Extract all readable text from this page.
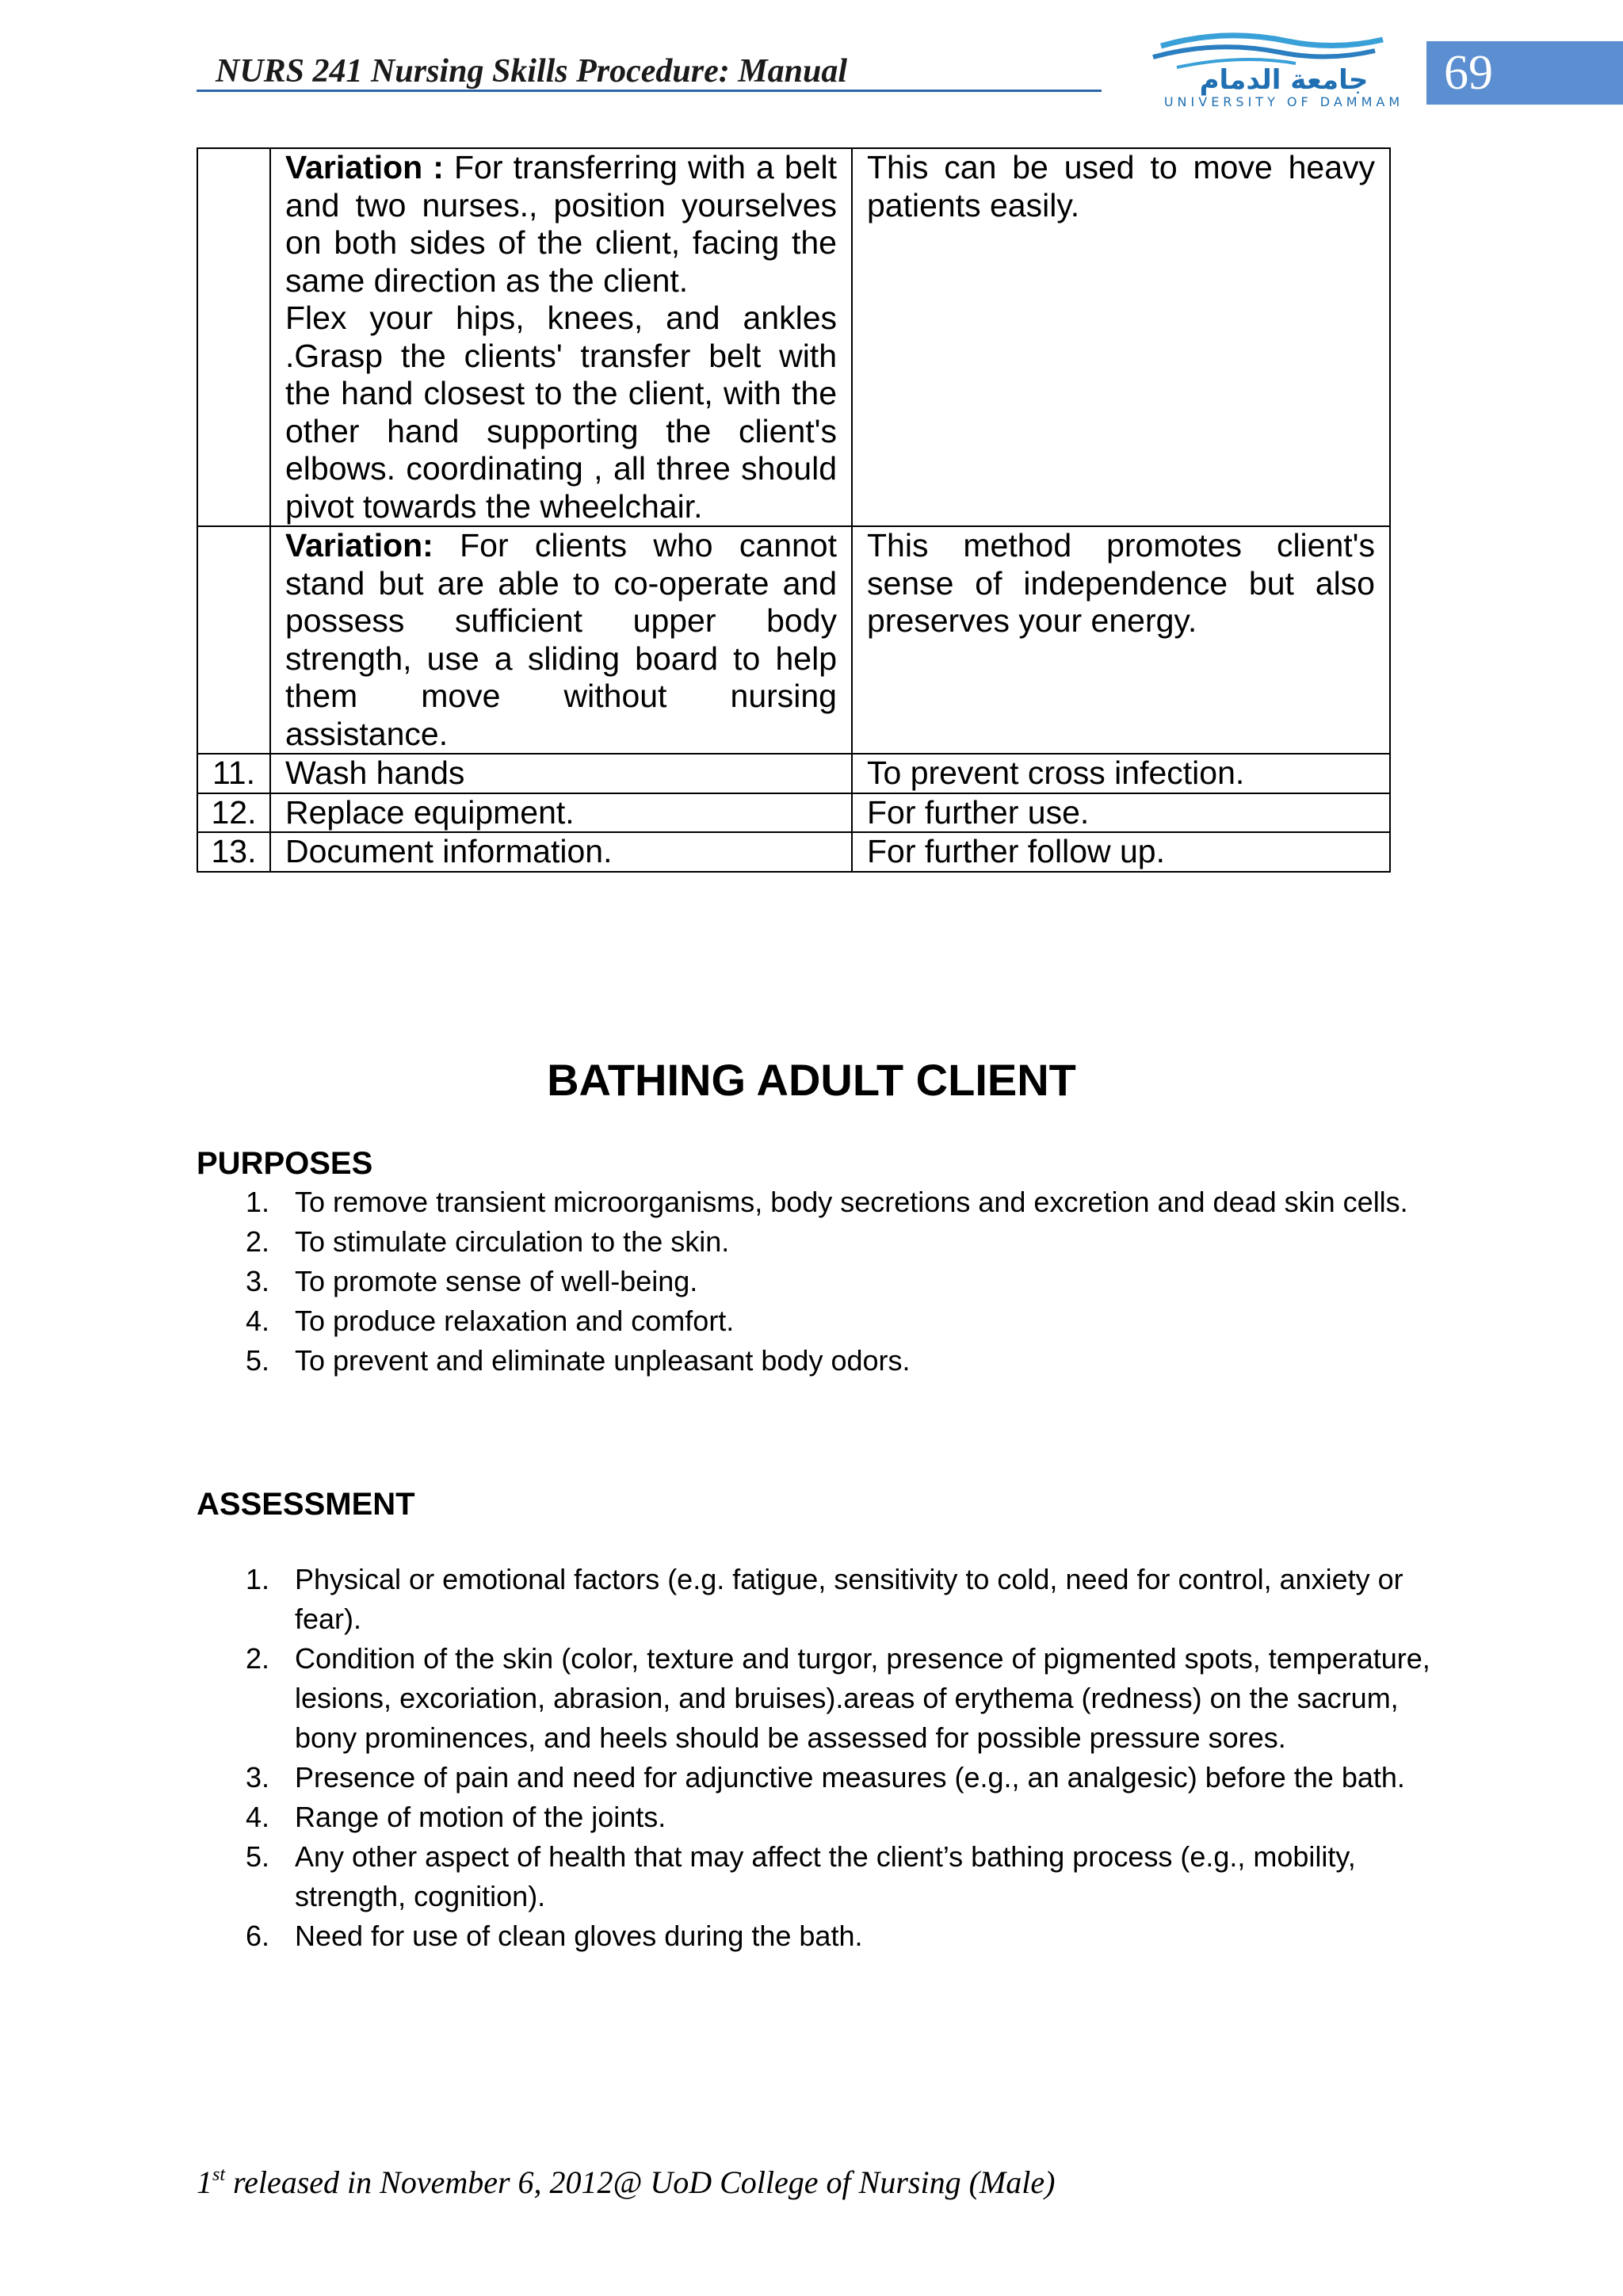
NURS 241 Nursing Skills Procedure: Manual	جامعة الدمام
UNIVERSITY OF DAMMAM
69

	Variation : For transferring with a belt and two nurses., position yourselves on both sides of the client, facing the same direction as the client.
Flex your hips, knees, and ankles .Grasp the clients' transfer belt with the hand closest to the client, with the other hand supporting the client's elbows. coordinating , all three should pivot towards the wheelchair.	This can be used to move heavy patients easily.
	Variation: For clients who cannot stand but are able to co-operate and possess sufficient upper body strength, use a sliding board to help them move without nursing assistance.	This method promotes client's sense of independence but also preserves your energy.
11.	Wash hands	To prevent cross infection.
12.	Replace equipment.	For further use.
13.	Document information.	For further follow up.
BATHING ADULT CLIENT
PURPOSES
1. To remove transient microorganisms, body secretions and excretion and dead skin cells.
2. To stimulate circulation to the skin.
3. To promote sense of well-being.
4. To produce relaxation and comfort.
5. To prevent and eliminate unpleasant body odors.
ASSESSMENT
1. Physical or emotional factors (e.g. fatigue, sensitivity to cold, need for control, anxiety or fear).
2. Condition of the skin (color, texture and turgor, presence of pigmented spots, temperature, lesions, excoriation, abrasion, and bruises).areas of erythema (redness) on the sacrum, bony prominences, and heels should be assessed for possible pressure sores.
3. Presence of pain and need for adjunctive measures (e.g., an analgesic) before the bath.
4. Range of motion of the joints.
5. Any other aspect of health that may affect the client’s bathing process (e.g., mobility, strength, cognition).
6. Need for use of clean gloves during the bath.
1st released in November 6, 2012@ UoD College of Nursing (Male)
